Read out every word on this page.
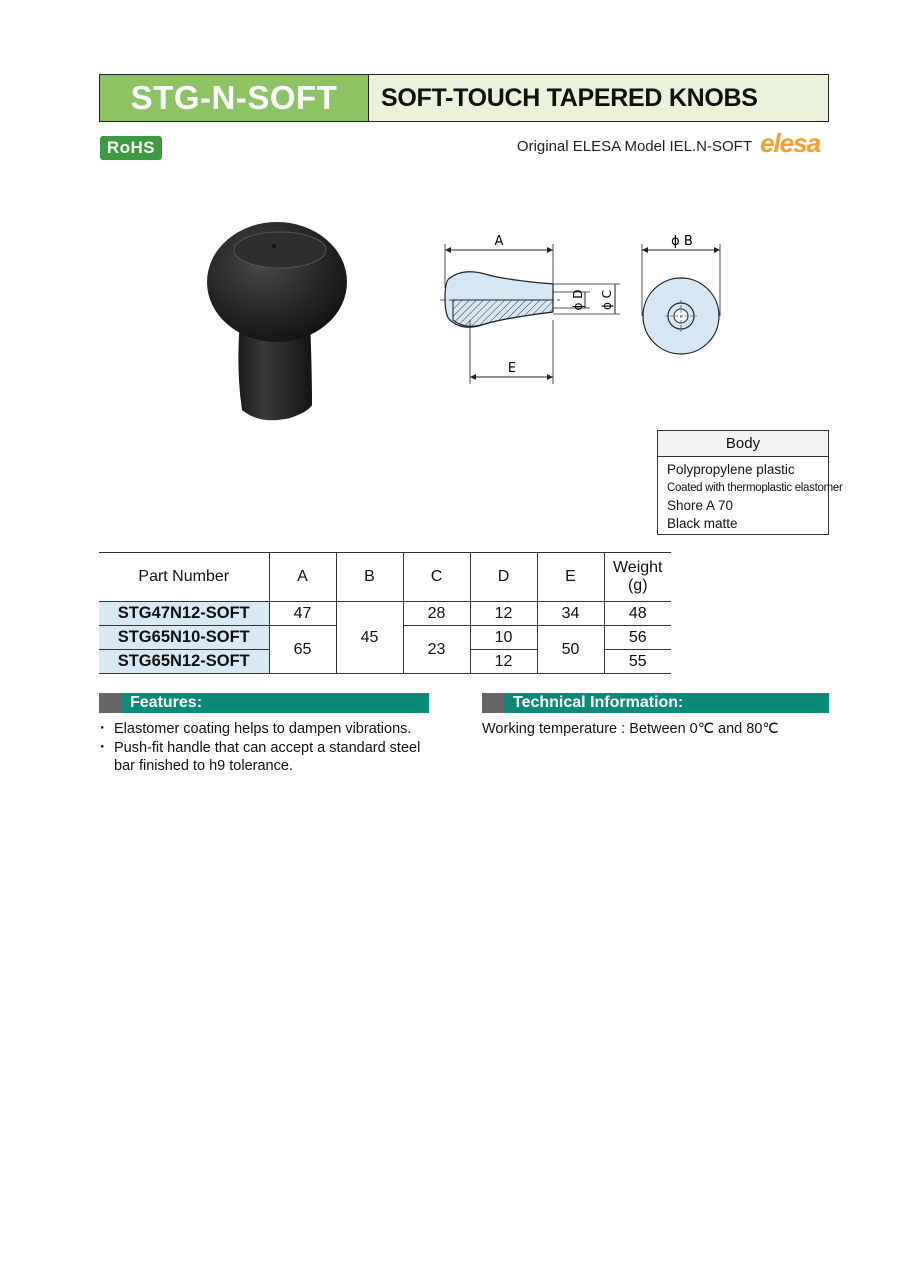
STG-N-SOFT	SOFT-TOUCH TAPERED KNOBS
RoHS	Original ELESA Model IEL.N-SOFT elesa
A
E
ϕ D ϕ C
ϕ B
Body
Polypropylene plastic
Coated with thermoplastic elastomer
Shore A 70
Black matte
Part Number	A	B	C	D	E	Weight
(g)
STG47N12-SOFT	47	45	28	12	34	48
STG65N10-SOFT	65		23	10	50	56
STG65N12-SOFT				12		55
Features:
・ Elastomer coating helps to dampen vibrations.
・ Push-fit handle that can accept a standard steel bar finished to h9 tolerance.
Technical Information:
Working temperature : Between 0℃ and 80℃
